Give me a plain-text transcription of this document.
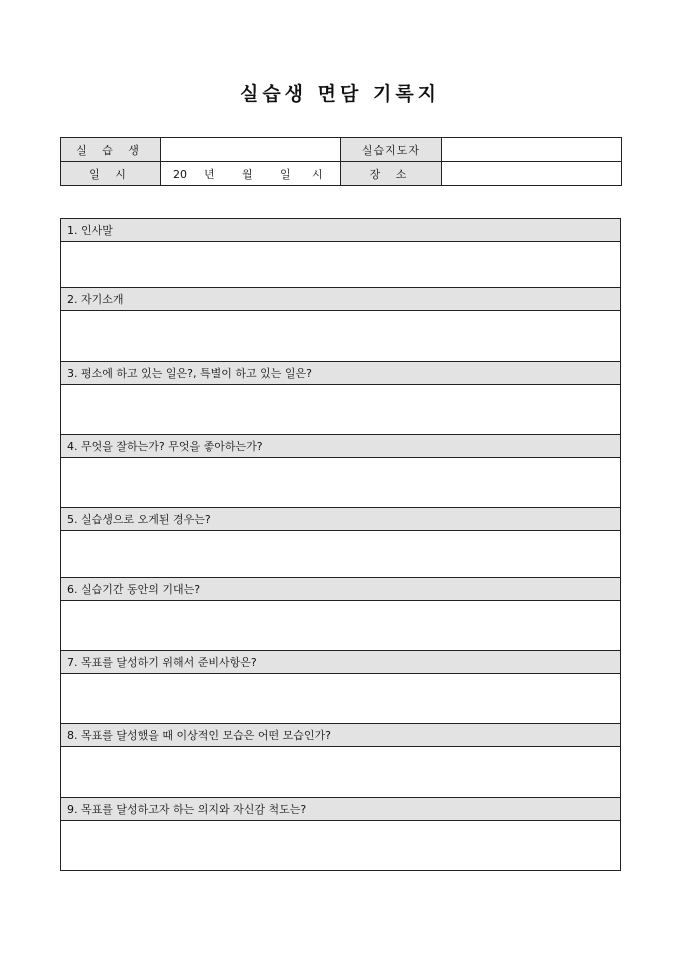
실습생 면담 기록지
실 습 생		실습지도자	
일 시	20 년 월 일 시	장 소	
1. 인사말
2. 자기소개
3. 평소에 하고 있는 일은?, 특별이 하고 있는 일은?
4. 무엇을 잘하는가? 무엇을 좋아하는가?
5. 실습생으로 오게된 경우는?
6. 실습기간 동안의 기대는?
7. 목표를 달성하기 위해서 준비사항은?
8. 목표를 달성했을 때 이상적인 모습은 어떤 모습인가?
9. 목표를 달성하고자 하는 의지와 자신감 척도는?
